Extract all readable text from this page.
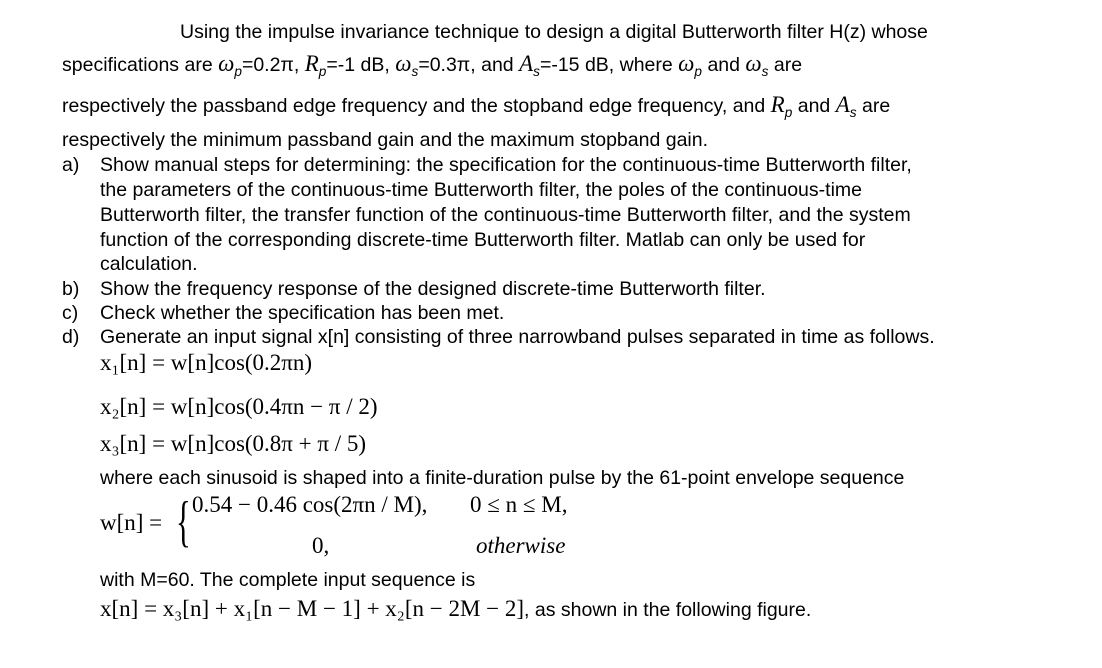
Using the impulse invariance technique to design a digital Butterworth filter H(z) whose
specifications are $\omega_p=0.2\pi$, $R_p=-1$ dB, $\omega_s=0.3\pi$, and $A_s=-15$ dB, where $\omega_p$ and $\omega_s$ are
respectively the passband edge frequency and the stopband edge frequency, and $R_p$ and $A_s$ are
respectively the minimum passband gain and the maximum stopband gain.
a) Show manual steps for determining: the specification for the continuous-time Butterworth filter,
the parameters of the continuous-time Butterworth filter, the poles of the continuous-time
Butterworth filter, the transfer function of the continuous-time Butterworth filter, and the system
function of the corresponding discrete-time Butterworth filter. Matlab can only be used for
calculation.
b) Show the frequency response of the designed discrete-time Butterworth filter.
c) Check whether the specification has been met.
d) Generate an input signal x[n] consisting of three narrowband pulses separated in time as follows.
x₁[n] = w[n]cos(0.2πn)
x₂[n] = w[n]cos(0.4πn − π / 2)
x₃[n] = w[n]cos(0.8π + π / 5)
where each sinusoid is shaped into a finite-duration pulse by the 61-point envelope sequence
w[n] = { 0.54 − 0.46 cos(2πn / M), 0 ≤ n ≤ M,
0,	otherwise
with M=60. The complete input sequence is
x[n] = x₃[n] + x₁[n − M − 1] + x₂[n − 2M − 2], as shown in the following figure.
